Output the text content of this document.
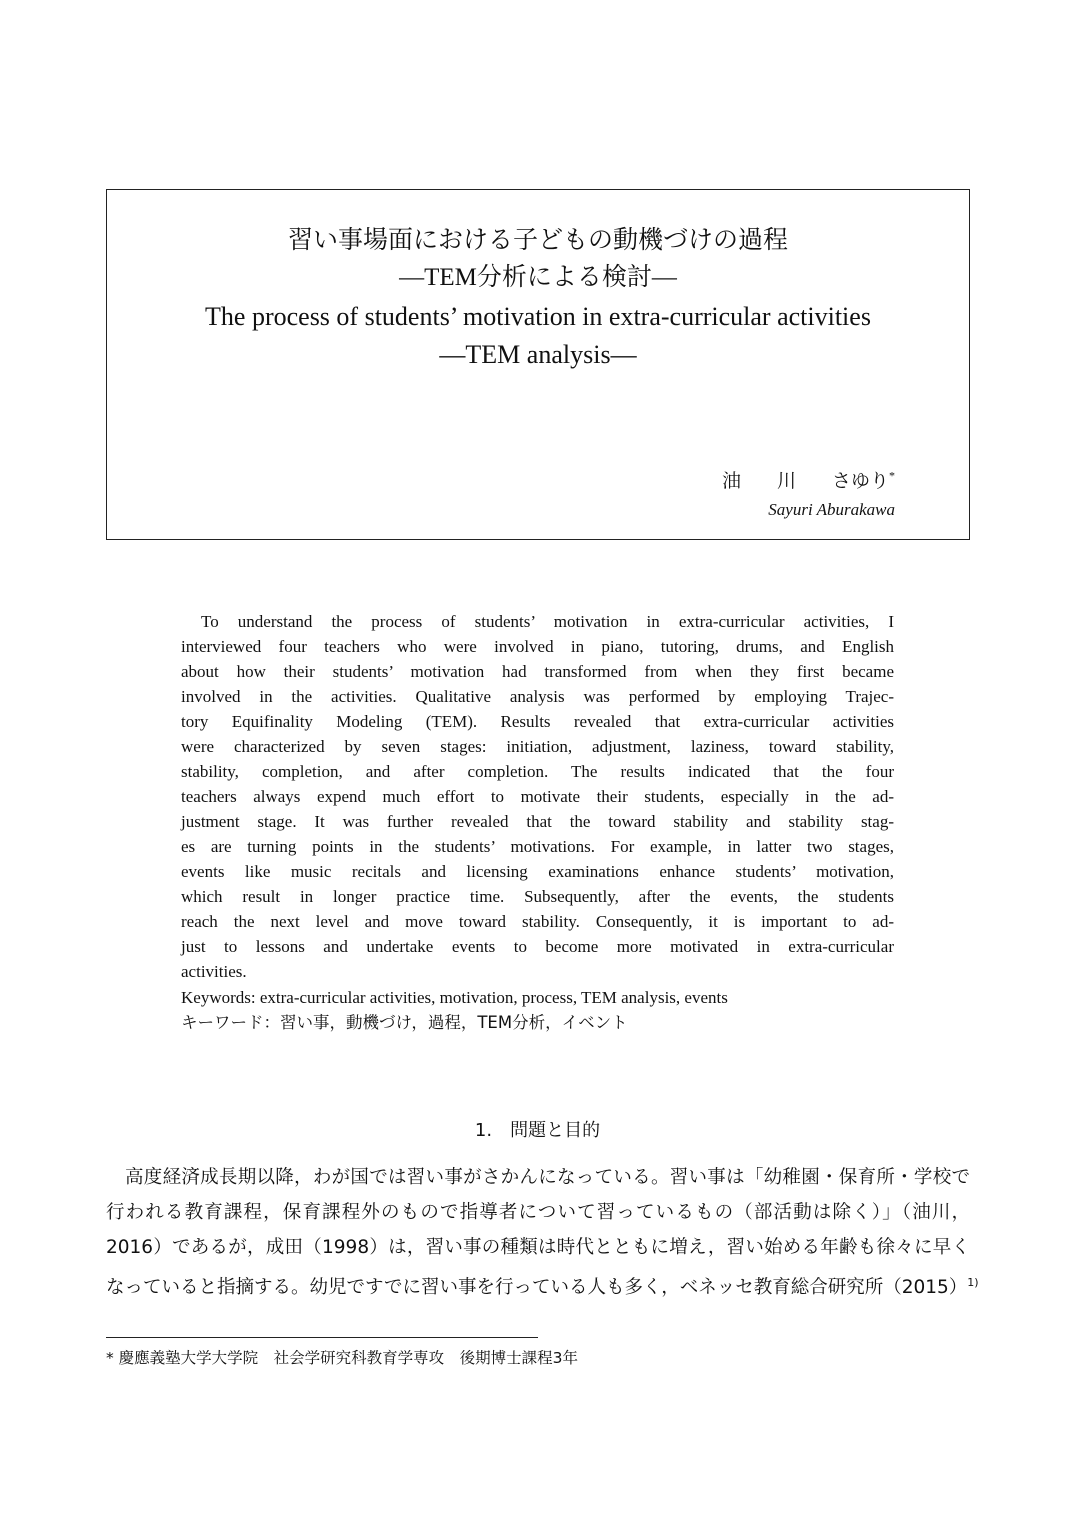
習い事場面における子どもの動機づけの過程
―TEM分析による検討―
The process of students’ motivation in extra-curricular activities
―TEM analysis―
油 川 さゆり*
Sayuri Aburakawa
To understand the process of students’ motivation in extra-curricular activities, I
interviewed four teachers who were involved in piano, tutoring, drums, and English
about how their students’ motivation had transformed from when they first became
involved in the activities. Qualitative analysis was performed by employing Trajec-
tory Equifinality Modeling (TEM). Results revealed that extra-curricular activities
were characterized by seven stages: initiation, adjustment, laziness, toward stability,
stability, completion, and after completion. The results indicated that the four
teachers always expend much effort to motivate their students, especially in the ad-
justment stage. It was further revealed that the toward stability and stability stag-
es are turning points in the students’ motivations. For example, in latter two stages,
events like music recitals and licensing examinations enhance students’ motivation,
which result in longer practice time. Subsequently, after the events, the students
reach the next level and move toward stability. Consequently, it is important to ad-
just to lessons and undertake events to become more motivated in extra-curricular
activities.
Keywords: extra-curricular activities, motivation, process, TEM analysis, events
キーワード：習い事，動機づけ，過程，TEM分析，イベント
1.　問題と目的
高度経済成長期以降，わが国では習い事がさかんになっている。習い事は「幼稚園・保育所・学校で
行われる教育課程，保育課程外のもので指導者について習っているもの（部活動は除く）」（油川，
2016）であるが，成田（1998）は，習い事の種類は時代とともに増え，習い始める年齢も徐々に早く
なっていると指摘する。幼児ですでに習い事を行っている人も多く，ベネッセ教育総合研究所$(2015)^{1)}$
* 慶應義塾大学大学院　社会学研究科教育学専攻　後期博士課程3年
